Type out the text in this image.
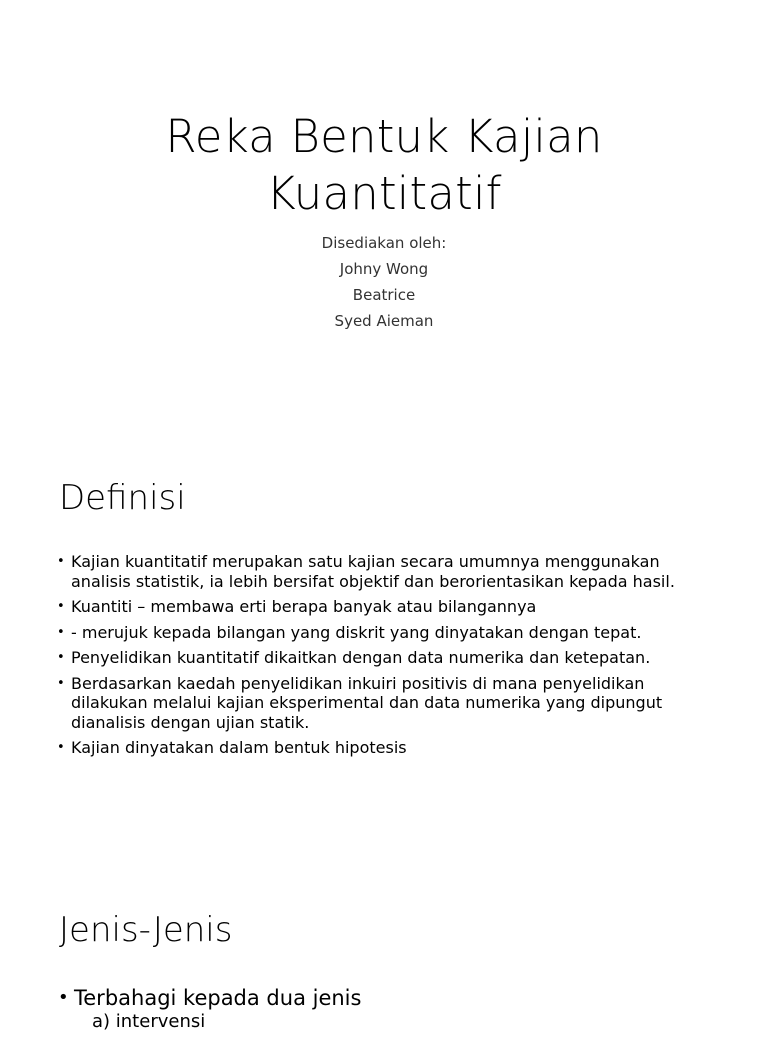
Reka Bentuk Kajian
Kuantitatif
Disediakan oleh:
Johny Wong
Beatrice
Syed Aieman
Definisi
• Kajian kuantitatif merupakan satu kajian secara umumnya menggunakan analisis statistik, ia lebih bersifat objektif dan berorientasikan kepada hasil.
• Kuantiti – membawa erti berapa banyak atau bilangannya
• - merujuk kepada bilangan yang diskrit yang dinyatakan dengan tepat.
• Penyelidikan kuantitatif dikaitkan dengan data numerika dan ketepatan.
• Berdasarkan kaedah penyelidikan inkuiri positivis di mana penyelidikan dilakukan melalui kajian eksperimental dan data numerika yang dipungut dianalisis dengan ujian statik.
• Kajian dinyatakan dalam bentuk hipotesis
Jenis-Jenis
• Terbahagi kepada dua jenis
a) intervensi
